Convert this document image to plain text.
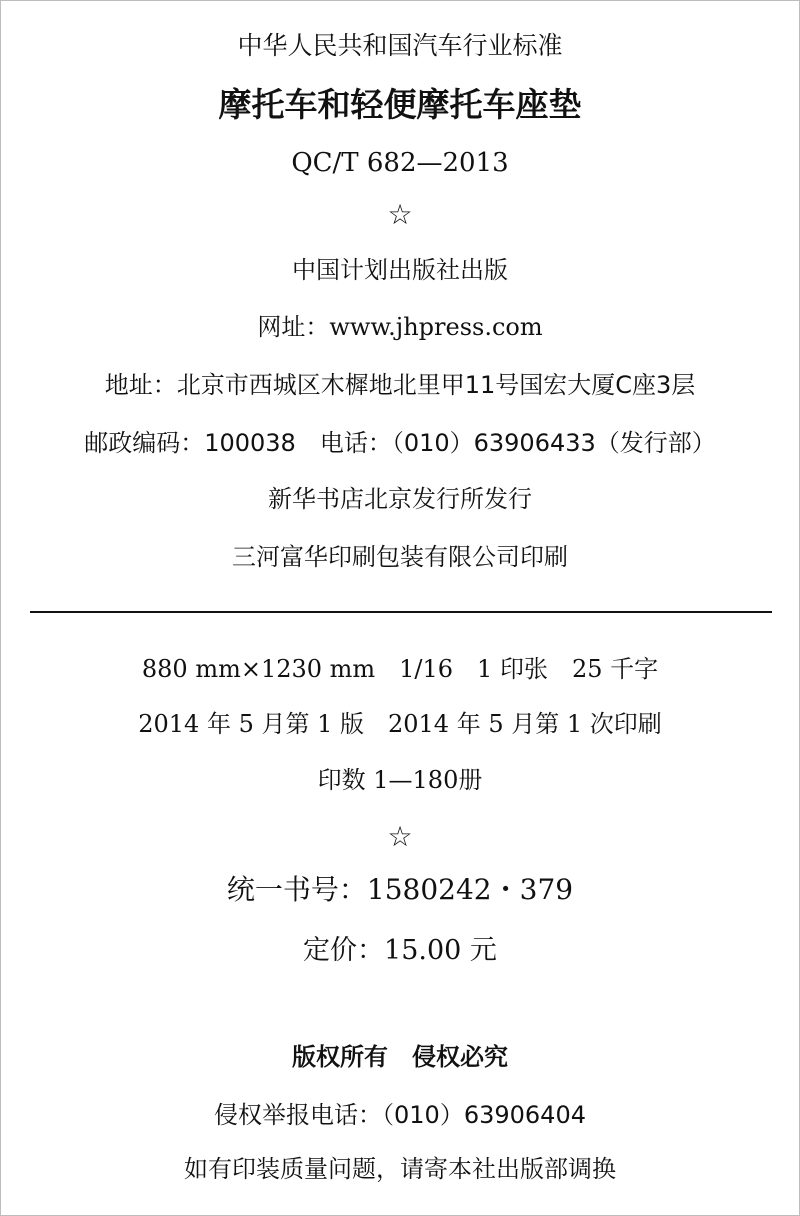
中华人民共和国汽车行业标准
摩托车和轻便摩托车座垫
QC/T 682—2013
☆
中国计划出版社出版
网址：www.jhpress.com
地址：北京市西城区木樨地北里甲11号国宏大厦C座3层
邮政编码：100038　电话：（010）63906433（发行部）
新华书店北京发行所发行
三河富华印刷包装有限公司印刷
880 mm×1230 mm　1/16　1 印张　25 千字
2014 年 5 月第 1 版　2014 年 5 月第 1 次印刷
印数 1—180册
☆
统一书号：1580242・379
定价：15.00 元
版权所有　侵权必究
侵权举报电话：（010）63906404
如有印装质量问题，请寄本社出版部调换
